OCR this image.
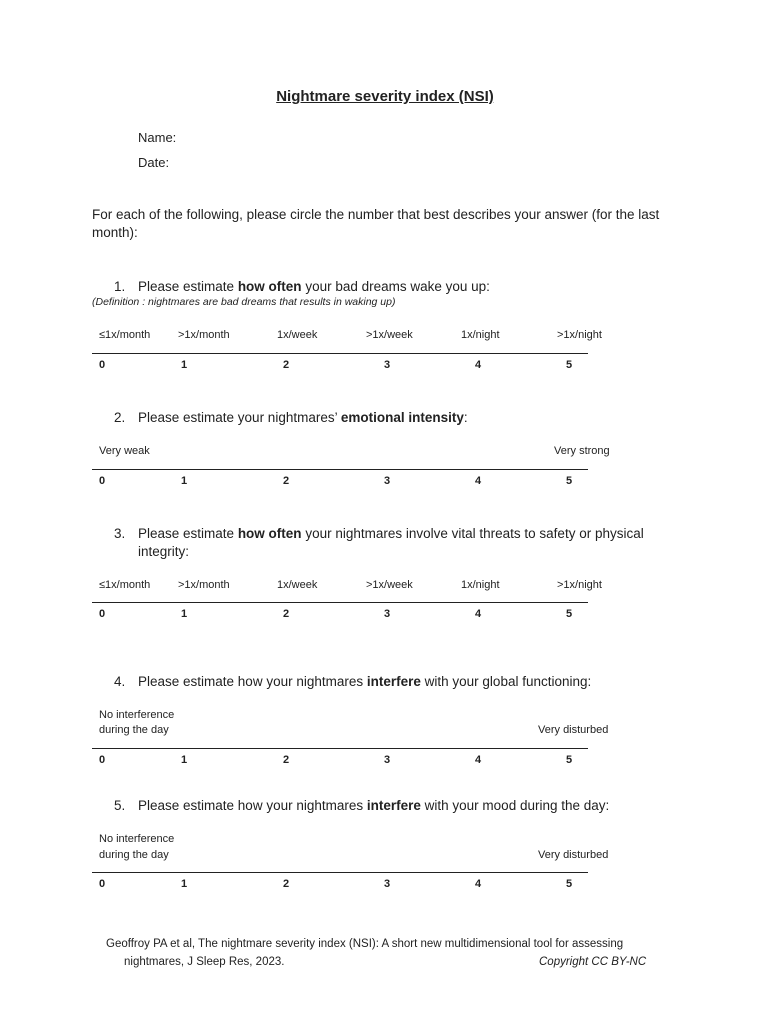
Nightmare severity index (NSI)
Name:
Date:
For each of the following, please circle the number that best describes your answer (for the last month):
1. Please estimate how often your bad dreams wake you up:
(Definition : nightmares are bad dreams that results in waking up)
≤1x/month	>1x/month	1x/week	>1x/week	1x/night	>1x/night
0	1	2	3	4	5
2. Please estimate your nightmares’ emotional intensity:
Very weak	Very strong
0	1	2	3	4	5
3. Please estimate how often your nightmares involve vital threats to safety or physical
integrity:
≤1x/month	>1x/month	1x/week	>1x/week	1x/night	>1x/night
0	1	2	3	4	5
4. Please estimate how your nightmares interfere with your global functioning:
No interference
during the day	Very disturbed
0	1	2	3	4	5
5. Please estimate how your nightmares interfere with your mood during the day:
No interference
during the day	Very disturbed
0	1	2	3	4	5
Geoffroy PA et al, The nightmare severity index (NSI): A short new multidimensional tool for assessing
nightmares, J Sleep Res, 2023.	Copyright CC BY-NC
